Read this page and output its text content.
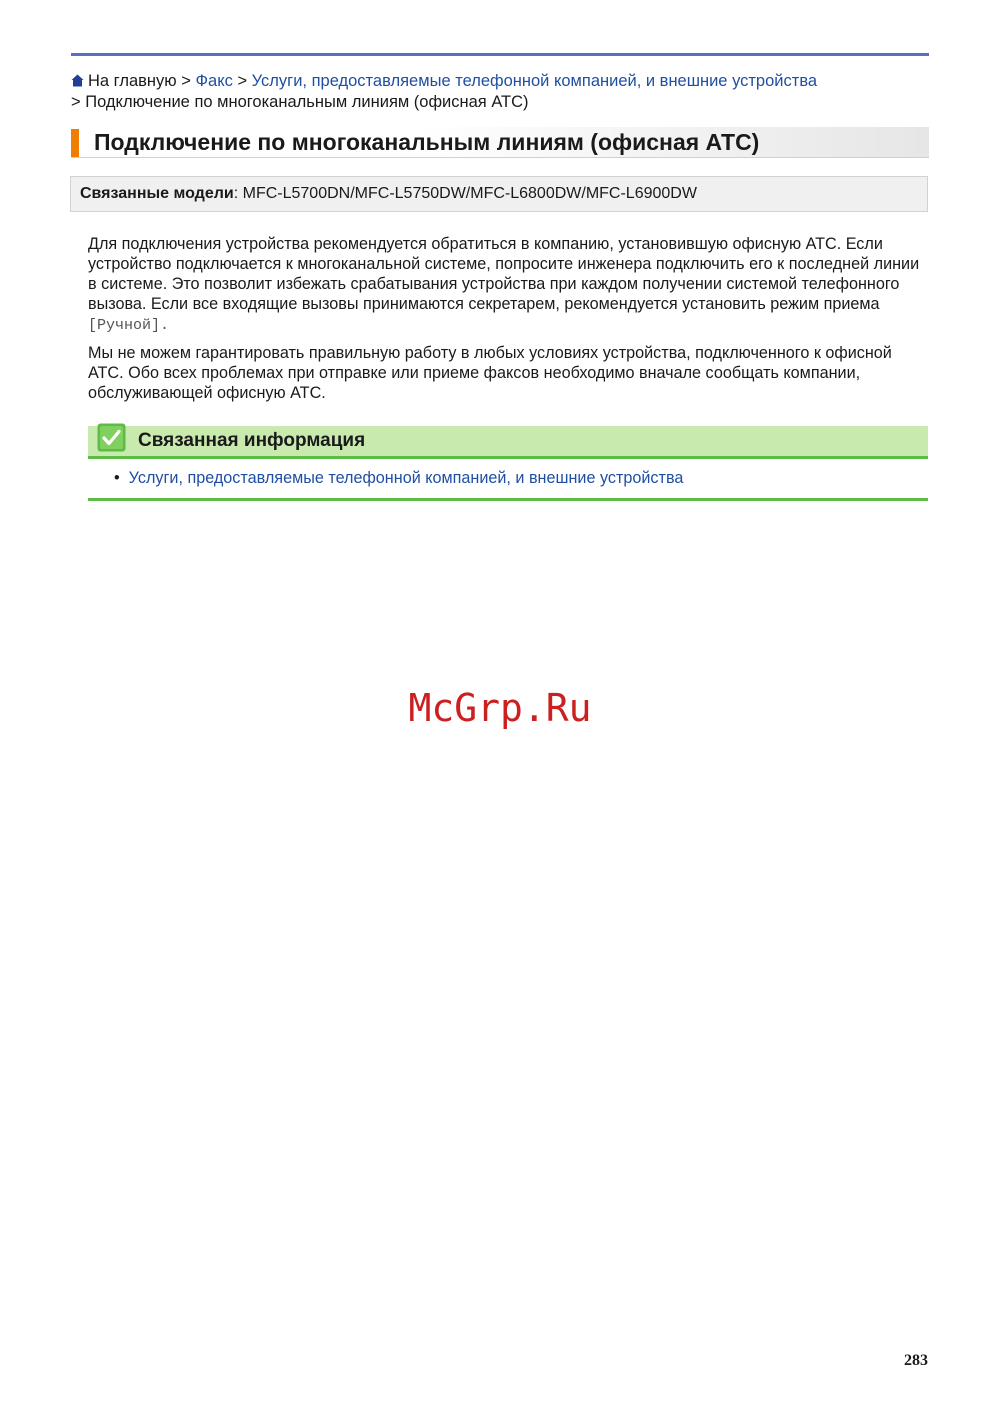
На главную > Факс > Услуги, предоставляемые телефонной компанией, и внешние устройства > Подключение по многоканальным линиям (офисная АТС)
Подключение по многоканальным линиям (офисная АТС)
Связанные модели: MFC-L5700DN/MFC-L5750DW/MFC-L6800DW/MFC-L6900DW
Для подключения устройства рекомендуется обратиться в компанию, установившую офисную АТС. Если устройство подключается к многоканальной системе, попросите инженера подключить его к последней линии в системе. Это позволит избежать срабатывания устройства при каждом получении системой телефонного вызова. Если все входящие вызовы принимаются секретарем, рекомендуется установить режим приема [Ручной].
Мы не можем гарантировать правильную работу в любых условиях устройства, подключенного к офисной АТС. Обо всех проблемах при отправке или приеме факсов необходимо вначале сообщать компании, обслуживающей офисную АТС.
Связанная информация
• Услуги, предоставляемые телефонной компанией, и внешние устройства
McGrp.Ru
283
